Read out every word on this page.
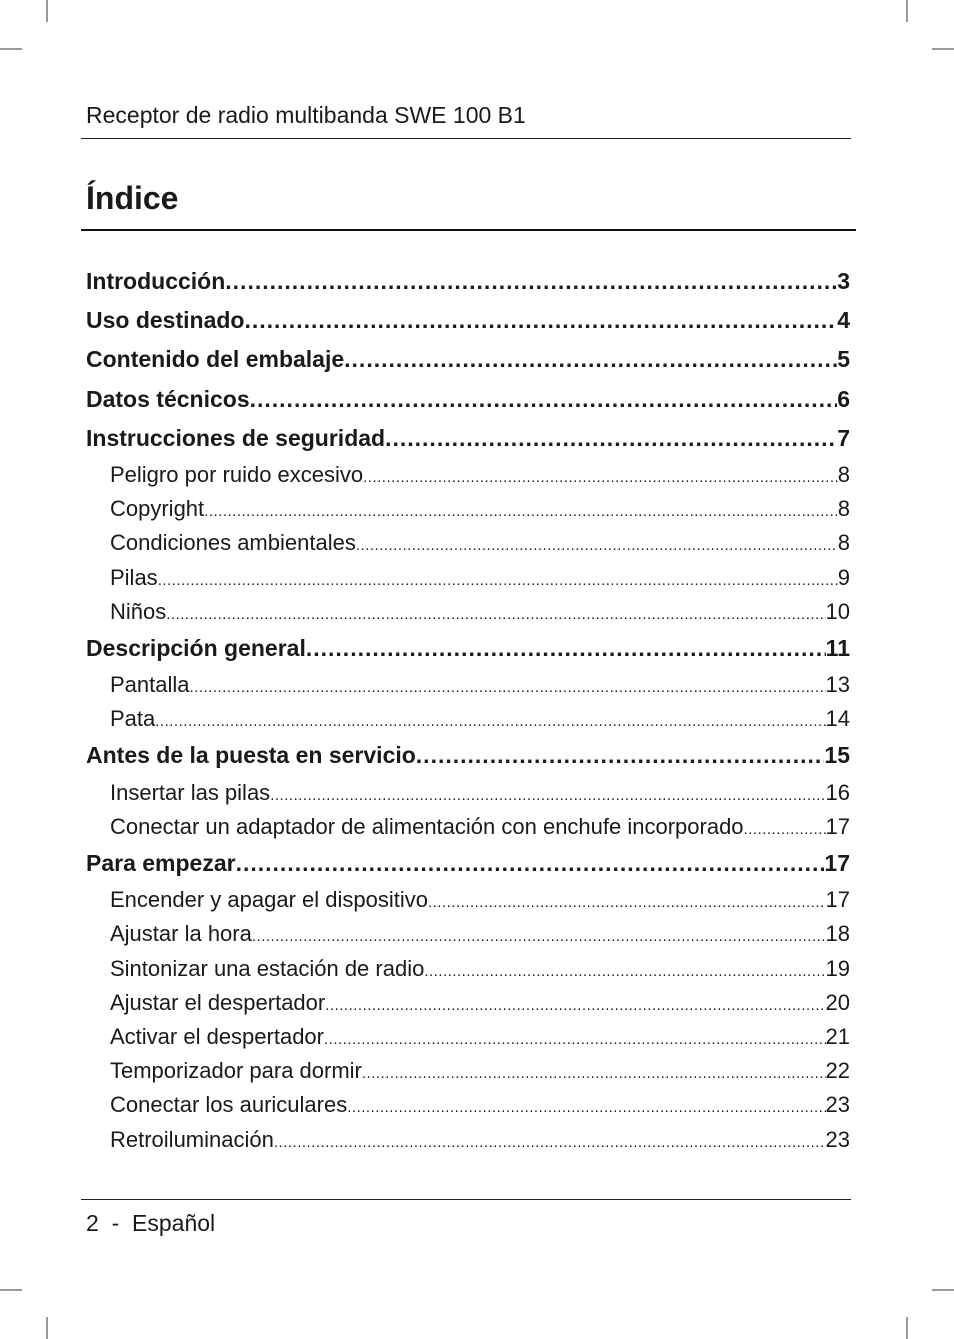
Receptor de radio multibanda SWE 100 B1
Índice
Introducción .....	3
Uso destinado .....	4
Contenido del embalaje .....	5
Datos técnicos .....	6
Instrucciones de seguridad .....	7
Peligro por ruido excesivo .....	8
Copyright .....	8
Condiciones ambientales .....	8
Pilas .....	9
Niños .....	10
Descripción general .....	11
Pantalla .....	13
Pata .....	14
Antes de la puesta en servicio .....	15
Insertar las pilas .....	16
Conectar un adaptador de alimentación con enchufe incorporado .....	17
Para empezar .....	17
Encender y apagar el dispositivo .....	17
Ajustar la hora .....	18
Sintonizar una estación de radio .....	19
Ajustar el despertador .....	20
Activar el despertador .....	21
Temporizador para dormir .....	22
Conectar los auriculares .....	23
Retroiluminación .....	23
2 - Español
